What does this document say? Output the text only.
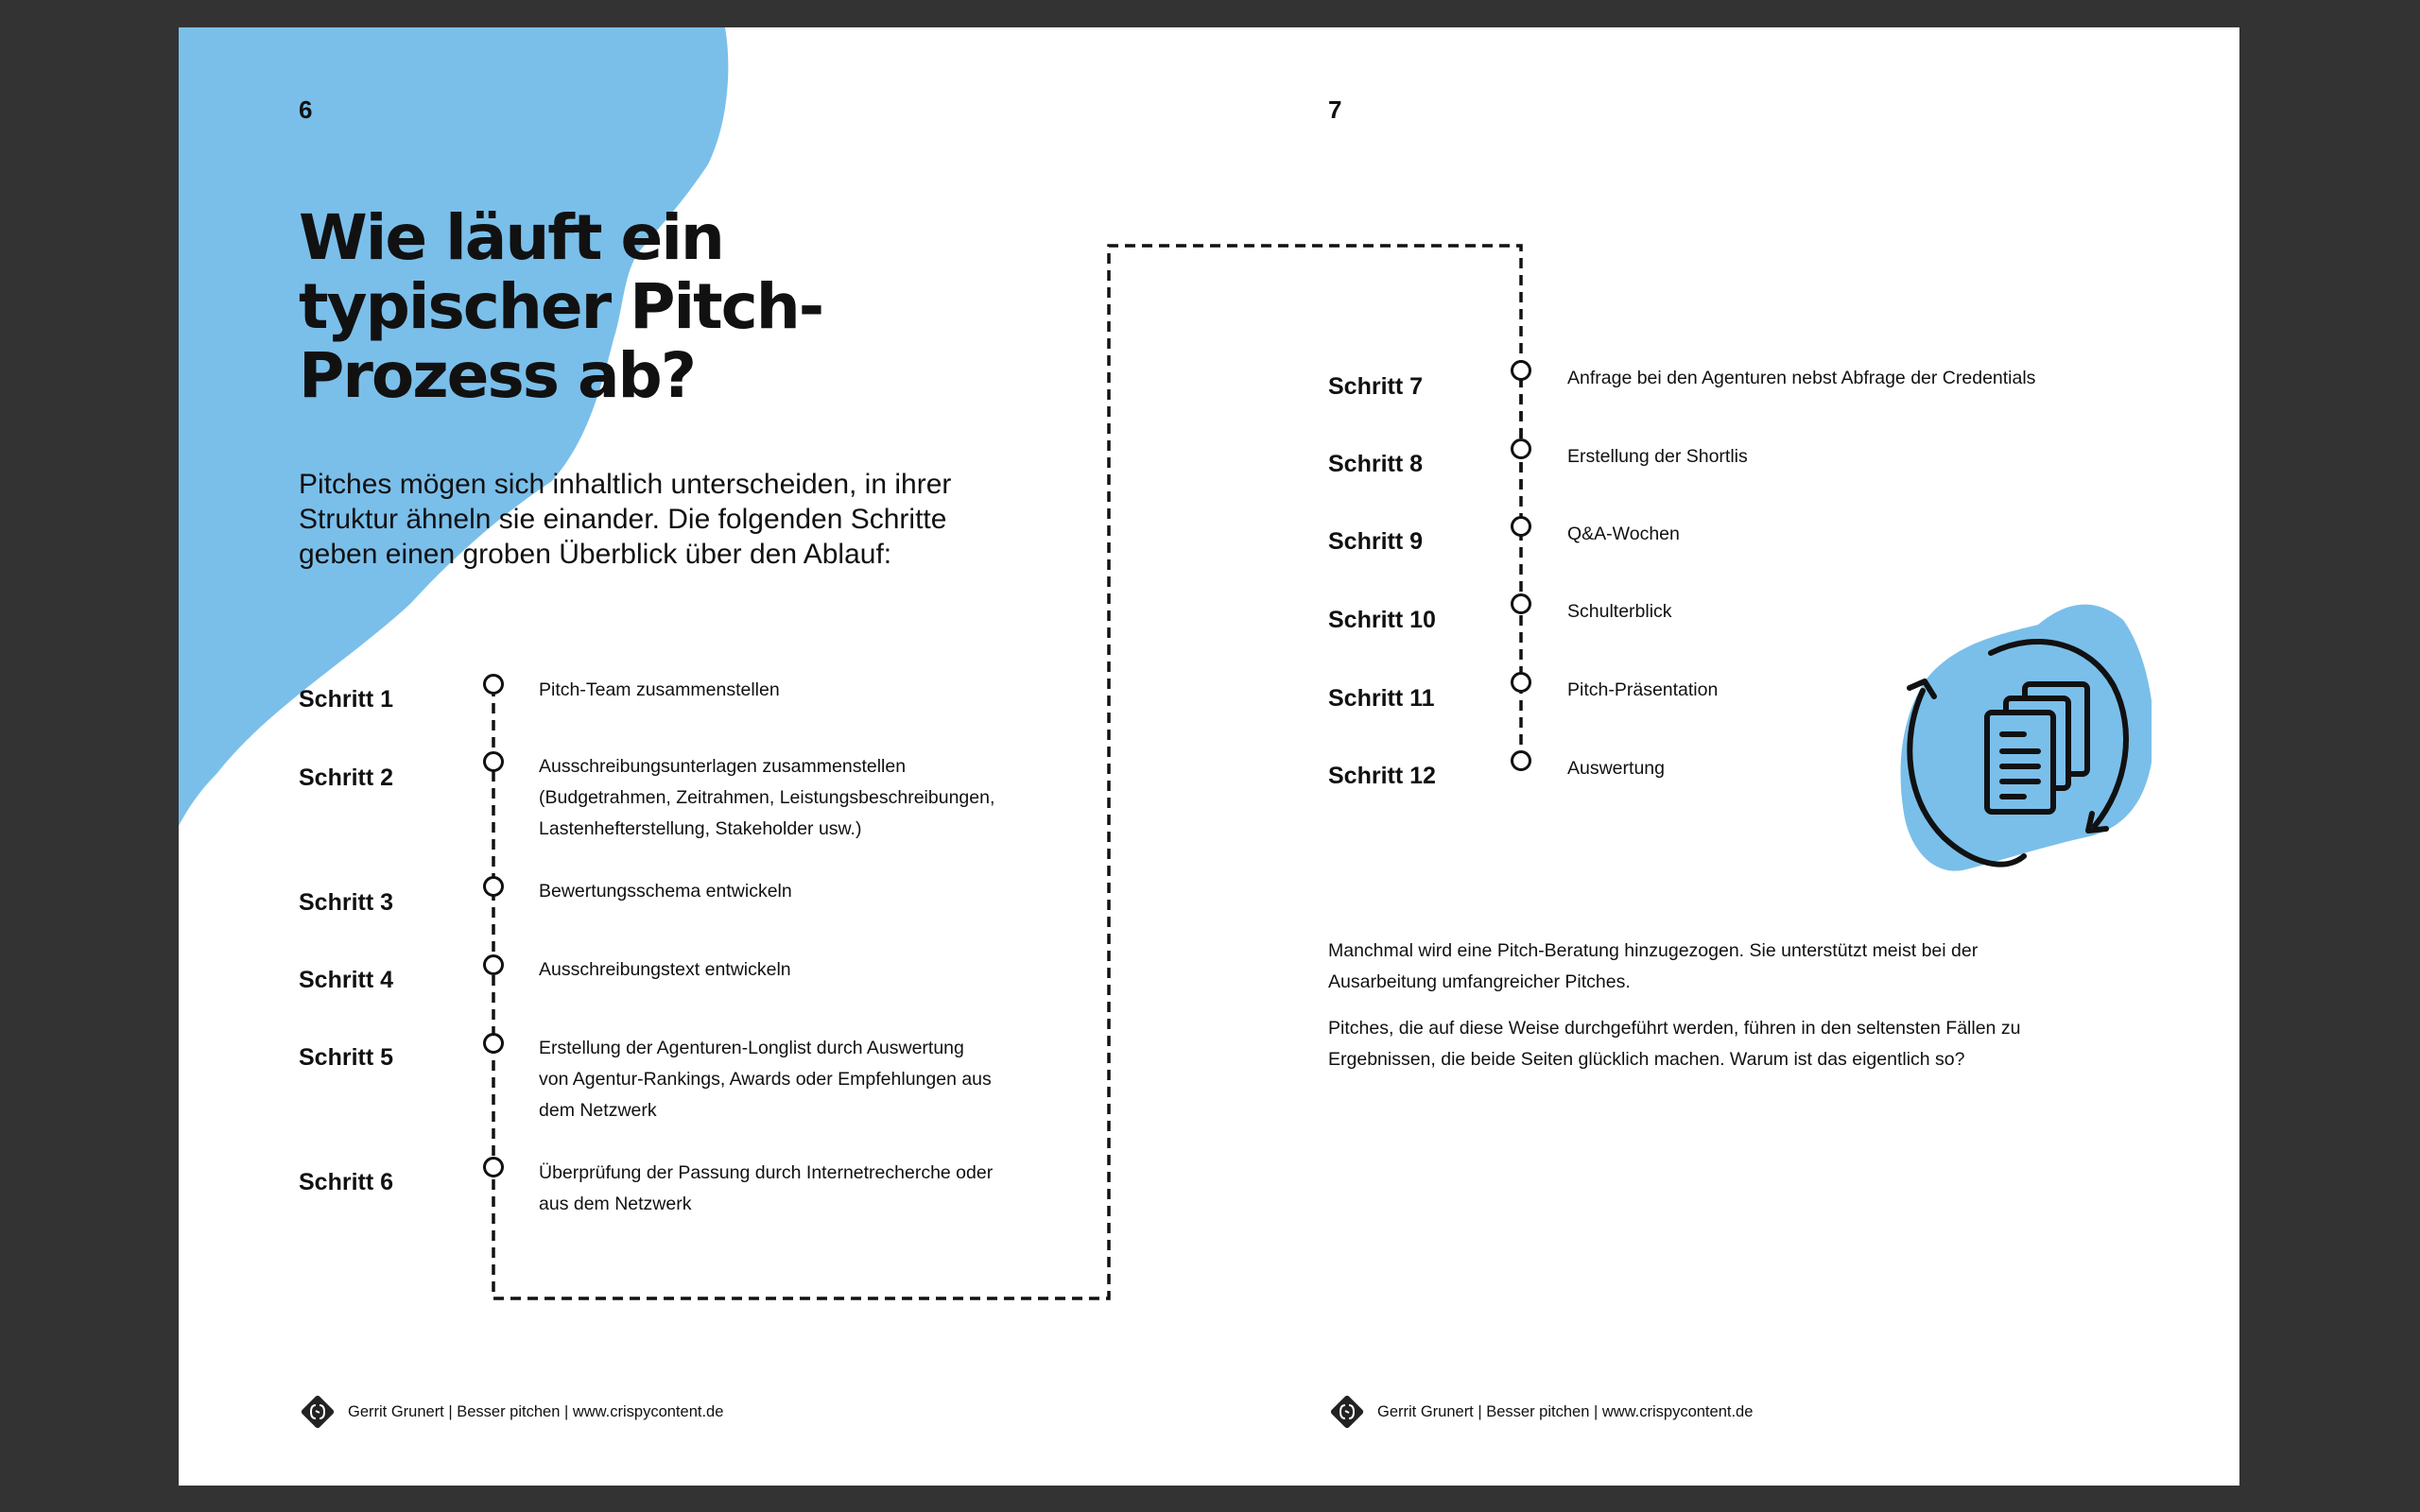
6	7
Wie läuft ein
typischer Pitch-
Prozess ab?

Pitches mögen sich inhaltlich unterscheiden, in ihrer
Struktur ähneln sie einander. Die folgenden Schritte
geben einen groben Überblick über den Ablauf:

Schritt 1	Pitch-Team zusammenstellen
Schritt 2	Ausschreibungsunterlagen zusammenstellen
(Budgetrahmen, Zeitrahmen, Leistungsbeschreibungen,
Lastenhefterstellung, Stakeholder usw.)
Schritt 3	Bewertungsschema entwickeln
Schritt 4	Ausschreibungstext entwickeln
Schritt 5	Erstellung der Agenturen-Longlist durch Auswertung
von Agentur-Rankings, Awards oder Empfehlungen aus
dem Netzwerk
Schritt 6	Überprüfung der Passung durch Internetrecherche oder
aus dem Netzwerk
Schritt 7	Anfrage bei den Agenturen nebst Abfrage der Credentials
Schritt 8	Erstellung der Shortlis
Schritt 9	Q&A-Wochen
Schritt 10	Schulterblick
Schritt 11	Pitch-Präsentation
Schritt 12	Auswertung

Manchmal wird eine Pitch-Beratung hinzugezogen. Sie unterstützt meist bei der
Ausarbeitung umfangreicher Pitches.

Pitches, die auf diese Weise durchgeführt werden, führen in den seltensten Fällen zu
Ergebnissen, die beide Seiten glücklich machen. Warum ist das eigentlich so?

Gerrit Grunert | Besser pitchen | www.crispycontent.de	Gerrit Grunert | Besser pitchen | www.crispycontent.de
